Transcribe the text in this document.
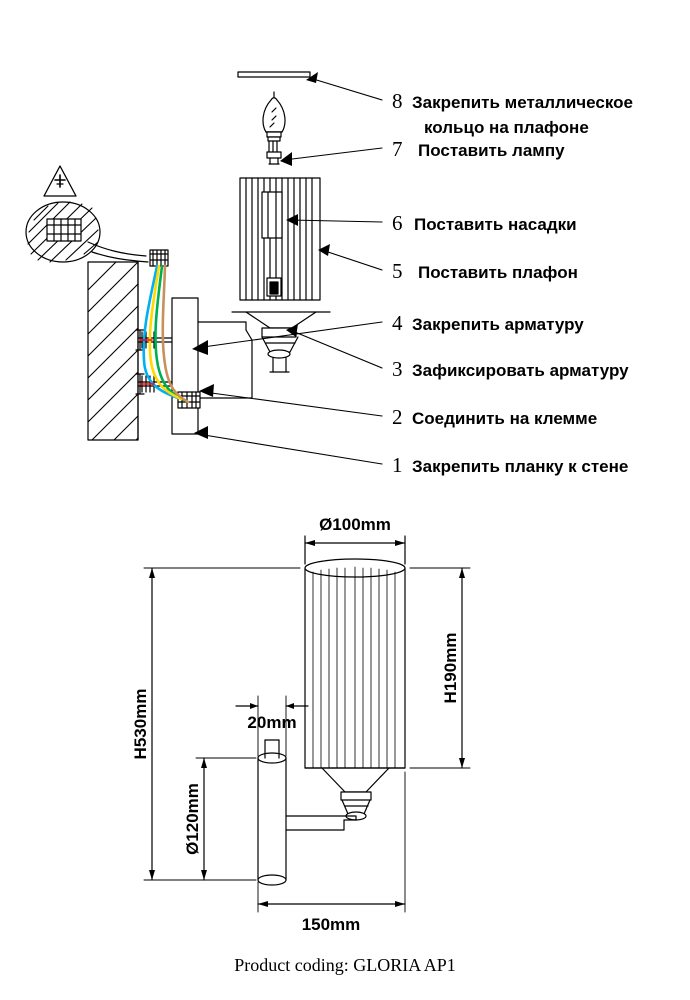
8
7
6
5
4
3
2
1
Закрепить металлическое
кольцо на плафоне
Поставить лампу
Поставить насадки
Поставить плафон
Закрепить арматуру
Зафиксировать арматуру
Соединить на клемме
Закрепить планку к стене
Ø100mm
H530mm
H190mm
20mm
Ø120mm
150mm
Product coding: GLORIA AP1
